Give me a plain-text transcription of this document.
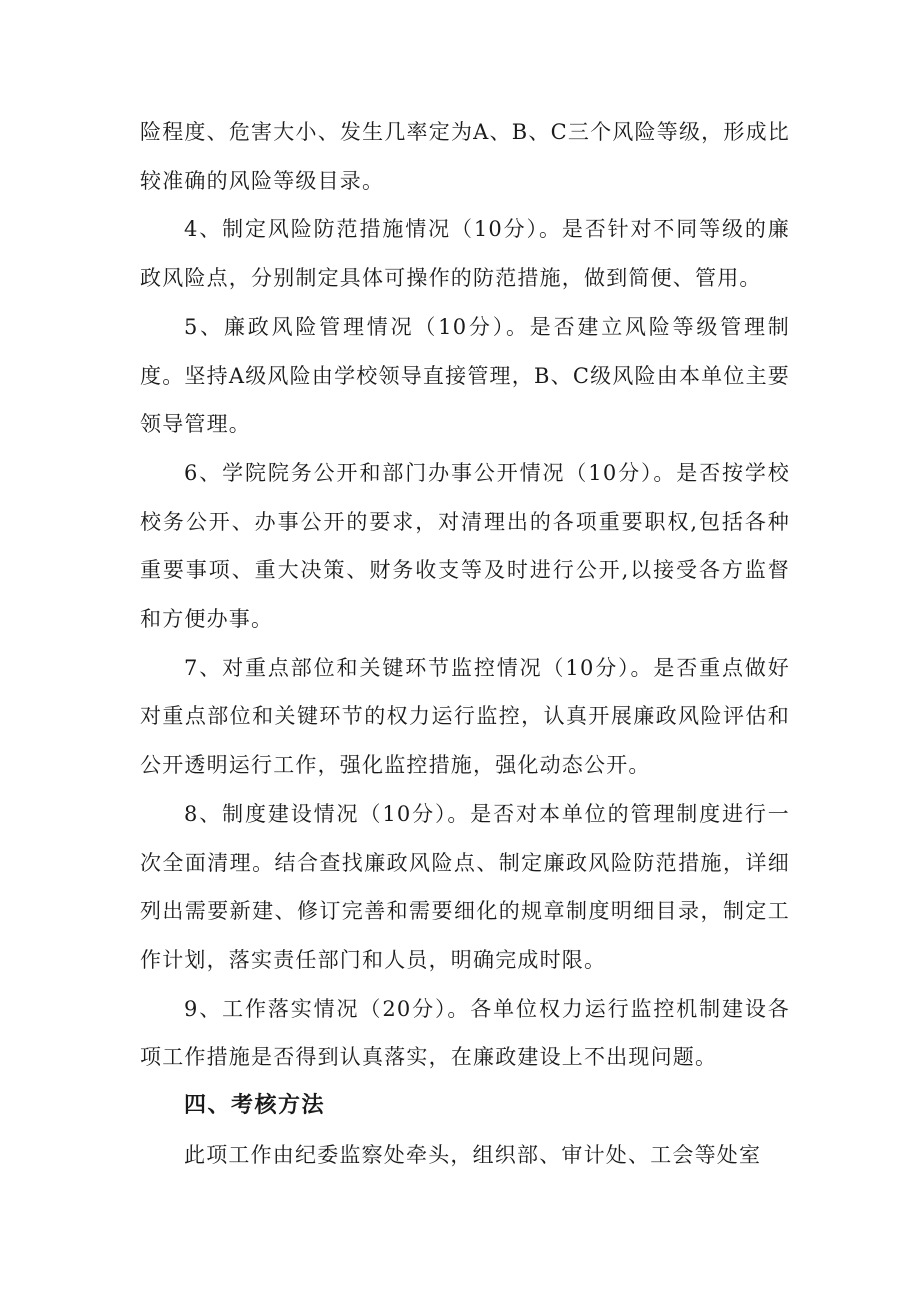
险程度、危害大小、发生几率定为A、B、C三个风险等级，形成比较准确的风险等级目录。

4、制定风险防范措施情况（10分）。是否针对不同等级的廉政风险点，分别制定具体可操作的防范措施，做到简便、管用。

5、廉政风险管理情况（10分）。是否建立风险等级管理制度。坚持A级风险由学校领导直接管理，B、C级风险由本单位主要领导管理。

6、学院院务公开和部门办事公开情况（10分）。是否按学校校务公开、办事公开的要求，对清理出的各项重要职权,包括各种重要事项、重大决策、财务收支等及时进行公开,以接受各方监督和方便办事。

7、对重点部位和关键环节监控情况（10分）。是否重点做好对重点部位和关键环节的权力运行监控，认真开展廉政风险评估和公开透明运行工作，强化监控措施，强化动态公开。

8、制度建设情况（10分）。是否对本单位的管理制度进行一次全面清理。结合查找廉政风险点、制定廉政风险防范措施，详细列出需要新建、修订完善和需要细化的规章制度明细目录，制定工作计划，落实责任部门和人员，明确完成时限。

9、工作落实情况（20分）。各单位权力运行监控机制建设各项工作措施是否得到认真落实，在廉政建设上不出现问题。

四、考核方法

此项工作由纪委监察处牵头，组织部、审计处、工会等处室
